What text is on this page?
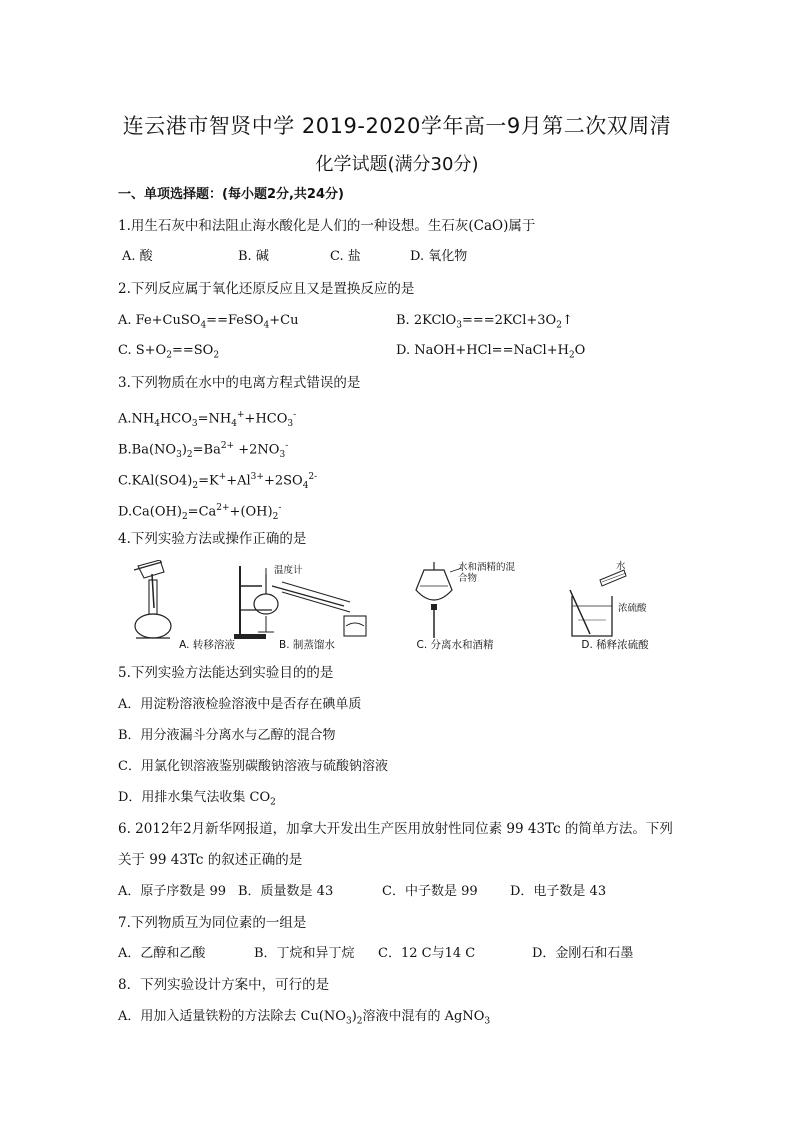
连云港市智贤中学 2019-2020学年高一9月第二次双周清
化学试题(满分30分)
一、单项选择题：(每小题2分,共24分)
1.用生石灰中和法阻止海水酸化是人们的一种设想。生石灰(CaO)属于
A. 酸	B. 碱	C. 盐	D. 氧化物
2.下列反应属于氧化还原反应且又是置换反应的是
A. Fe+CuSO$_4$==FeSO$_4$+Cu	B. $2KClO_3===2KCl+3O_2↑$
C. $S+O_2==SO_2$	D. $NaOH+HCl==NaCl+H_2O$
3.下列物质在水中的电离方程式错误的是
$A.NH_4HCO_3=NH_4^++HCO_3^-$
$B.Ba(NO_3)_2=Ba^{2+} +2NO_3^-$
$C.KAl(SO4)_2=K^++Al^{3+}+2SO_4^{2-}$
$D.Ca(OH)_2=Ca^{2+}+(OH)_2^-$
4.下列实验方法或操作正确的是
A. 转移溶液
温度计
B. 制蒸馏水
水和酒精的混合物
C. 分离水和酒精
水
浓硫酸
D. 稀释浓硫酸
5.下列实验方法能达到实验目的的是
A．用淀粉溶液检验溶液中是否存在碘单质
B．用分液漏斗分离水与乙醇的混合物
C．用氯化钡溶液鉴别碳酸钠溶液与硫酸钠溶液
D．用排水集气法收集 $CO_2$
6. 2012年2月新华网报道，加拿大开发出生产医用放射性同位素 99 43Tc 的简单方法。下列
关于 99 43Tc 的叙述正确的是
A．原子序数是 99 B．质量数是 43	C．中子数是 99 D．电子数是 43
7.下列物质互为同位素的一组是
A．乙醇和乙酸	B．丁烷和异丁烷 C．12 C与14 C	D．金刚石和石墨
8．下列实验设计方案中，可行的是
A．用加入适量铁粉的方法除去 $Cu(NO_3)_2$溶液中混有的 AgNO$_3$
